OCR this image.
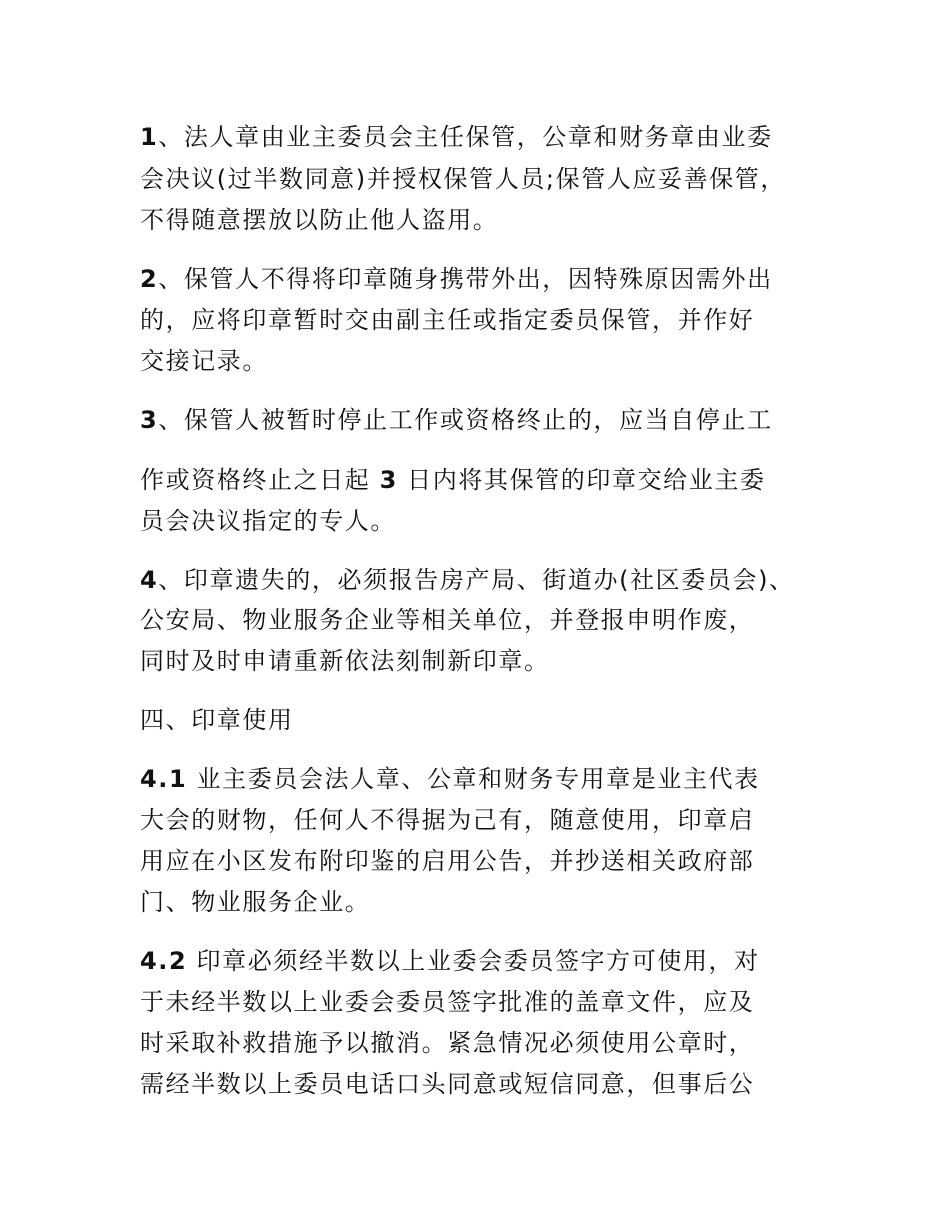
1、法人章由业主委员会主任保管，公章和财务章由业委
会决议(过半数同意)并授权保管人员;保管人应妥善保管，
不得随意摆放以防止他人盗用。
2、保管人不得将印章随身携带外出，因特殊原因需外出
的，应将印章暂时交由副主任或指定委员保管，并作好
交接记录。
3、保管人被暂时停止工作或资格终止的，应当自停止工
作或资格终止之日起 3 日内将其保管的印章交给业主委
员会决议指定的专人。
4、印章遗失的，必须报告房产局、街道办(社区委员会)、
公安局、物业服务企业等相关单位，并登报申明作废，
同时及时申请重新依法刻制新印章。
四、印章使用
4.1 业主委员会法人章、公章和财务专用章是业主代表
大会的财物，任何人不得据为己有，随意使用，印章启
用应在小区发布附印鉴的启用公告，并抄送相关政府部
门、物业服务企业。
4.2 印章必须经半数以上业委会委员签字方可使用，对
于未经半数以上业委会委员签字批准的盖章文件，应及
时采取补救措施予以撤消。紧急情况必须使用公章时，
需经半数以上委员电话口头同意或短信同意，但事后公
